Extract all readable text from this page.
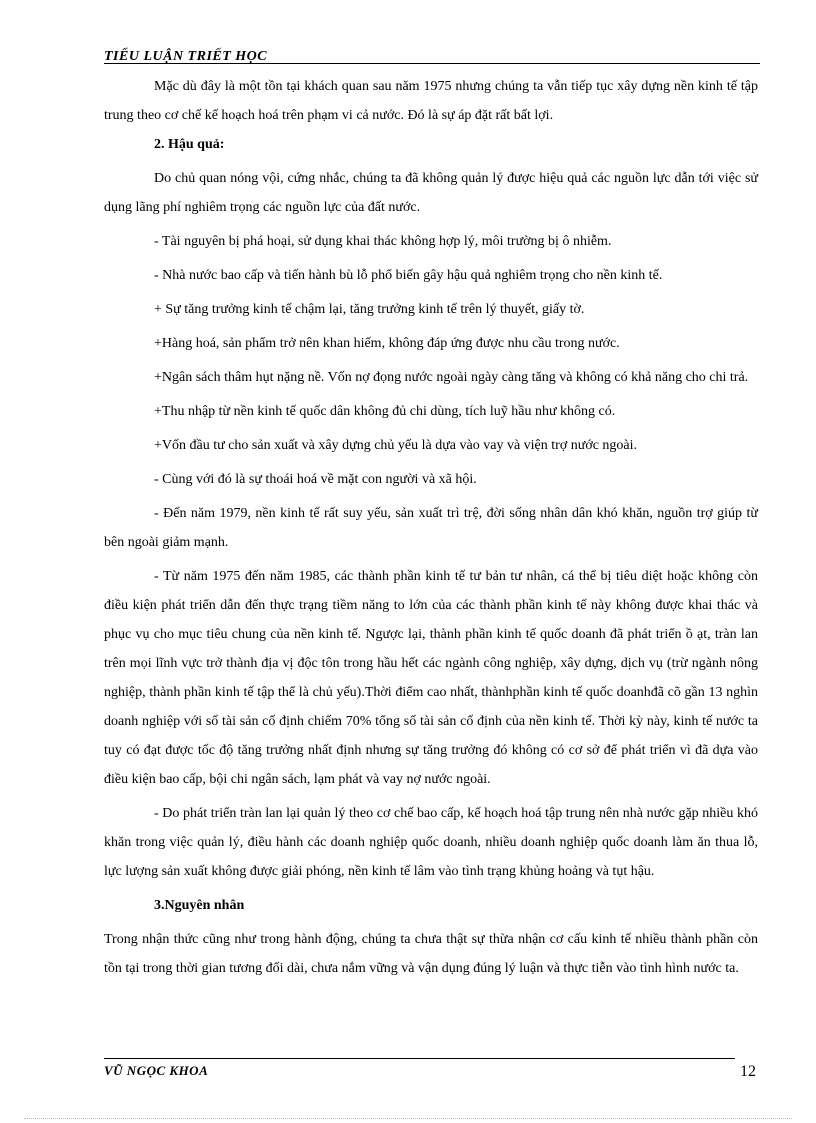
TIỂU LUẬN TRIẾT HỌC

Mặc dù đây là một tồn tại khách quan sau năm 1975 nhưng chúng ta vẫn tiếp tục xây dựng nền kinh tế tập trung theo cơ chế kế hoạch hoá trên phạm vi cả nước. Đó là sự áp đặt rất bất lợi.

2. Hậu quả:

Do chủ quan nóng vội, cứng nhắc, chúng ta đã không quản lý được hiệu quả các nguồn lực dẫn tới việc sử dụng lãng phí nghiêm trọng các nguồn lực của đất nước.

- Tài nguyên bị phá hoại, sử dụng khai thác không hợp lý, môi trường bị ô nhiễm.

- Nhà nước bao cấp và tiến hành bù lỗ phổ biến gây hậu quả nghiêm trọng cho nền kinh tế.

+ Sự tăng trưởng kinh tế chậm lại, tăng trưởng kinh tế trên lý thuyết, giấy tờ.

+Hàng hoá, sản phẩm trở nên khan hiếm, không đáp ứng được nhu cầu trong nước.

+Ngân sách thâm hụt nặng nề. Vốn nợ đọng nước ngoài ngày càng tăng và không có khả năng cho chi trả.

+Thu nhập từ nền kinh tế quốc dân không đủ chi dùng, tích luỹ hầu như không có.

+Vốn đầu tư cho sản xuất và xây dựng chủ yếu là dựa vào vay và viện trợ nước ngoài.

- Cùng với đó là sự thoái hoá về mặt con người và xã hội.

- Đến năm 1979, nền kinh tế rất suy yếu, sản xuất trì trệ, đời sống nhân dân khó khăn, nguồn trợ giúp từ bên ngoài giảm mạnh.

- Từ năm 1975 đến năm 1985, các thành phần kinh tế tư bản tư nhân, cá thể bị tiêu diệt hoặc không còn điều kiện phát triển dẫn đến thực trạng tiềm năng to lớn của các thành phần kinh tế này không được khai thác và phục vụ cho mục tiêu chung của nền kinh tế. Ngược lại, thành phần kinh tế quốc doanh đã phát triển ồ ạt, tràn lan trên mọi lĩnh vực trở thành địa vị độc tôn trong hầu hết các ngành công nghiệp, xây dựng, dịch vụ (trừ ngành nông nghiệp, thành phần kinh tế tập thể là chủ yếu).Thời điểm cao nhất, thànhphần kinh tế quốc doanhđã cõ gần 13 nghìn doanh nghiệp với số tài sản cố định chiếm 70% tổng số tài sản cố định của nền kinh tế. Thời kỳ này, kinh tế nước ta tuy có đạt được tốc độ tăng trưởng nhất định nhưng sự tăng trưởng đó không có cơ sở để phát triển vì đã dựa vào điều kiện bao cấp, bội chi ngân sách, lạm phát và vay nợ nước ngoài.

- Do phát triển tràn lan lại quản lý theo cơ chế bao cấp, kế hoạch hoá tập trung nên nhà nước gặp nhiều khó khăn trong việc quản lý, điều hành các doanh nghiệp quốc doanh, nhiều doanh nghiệp quốc doanh làm ăn thua lỗ, lực lượng sản xuất không được giải phóng, nền kinh tế lâm vào tình trạng khủng hoảng và tụt hậu.

3.Nguyên nhân

Trong nhận thức cũng như trong hành động, chúng ta chưa thật sự thừa nhận cơ cấu kinh tế nhiều thành phần còn tồn tại trong thời gian tương đối dài, chưa nắm vững và vận dụng đúng lý luận và thực tiễn vào tình hình nước ta.

VŨ NGỌC KHOA	12
